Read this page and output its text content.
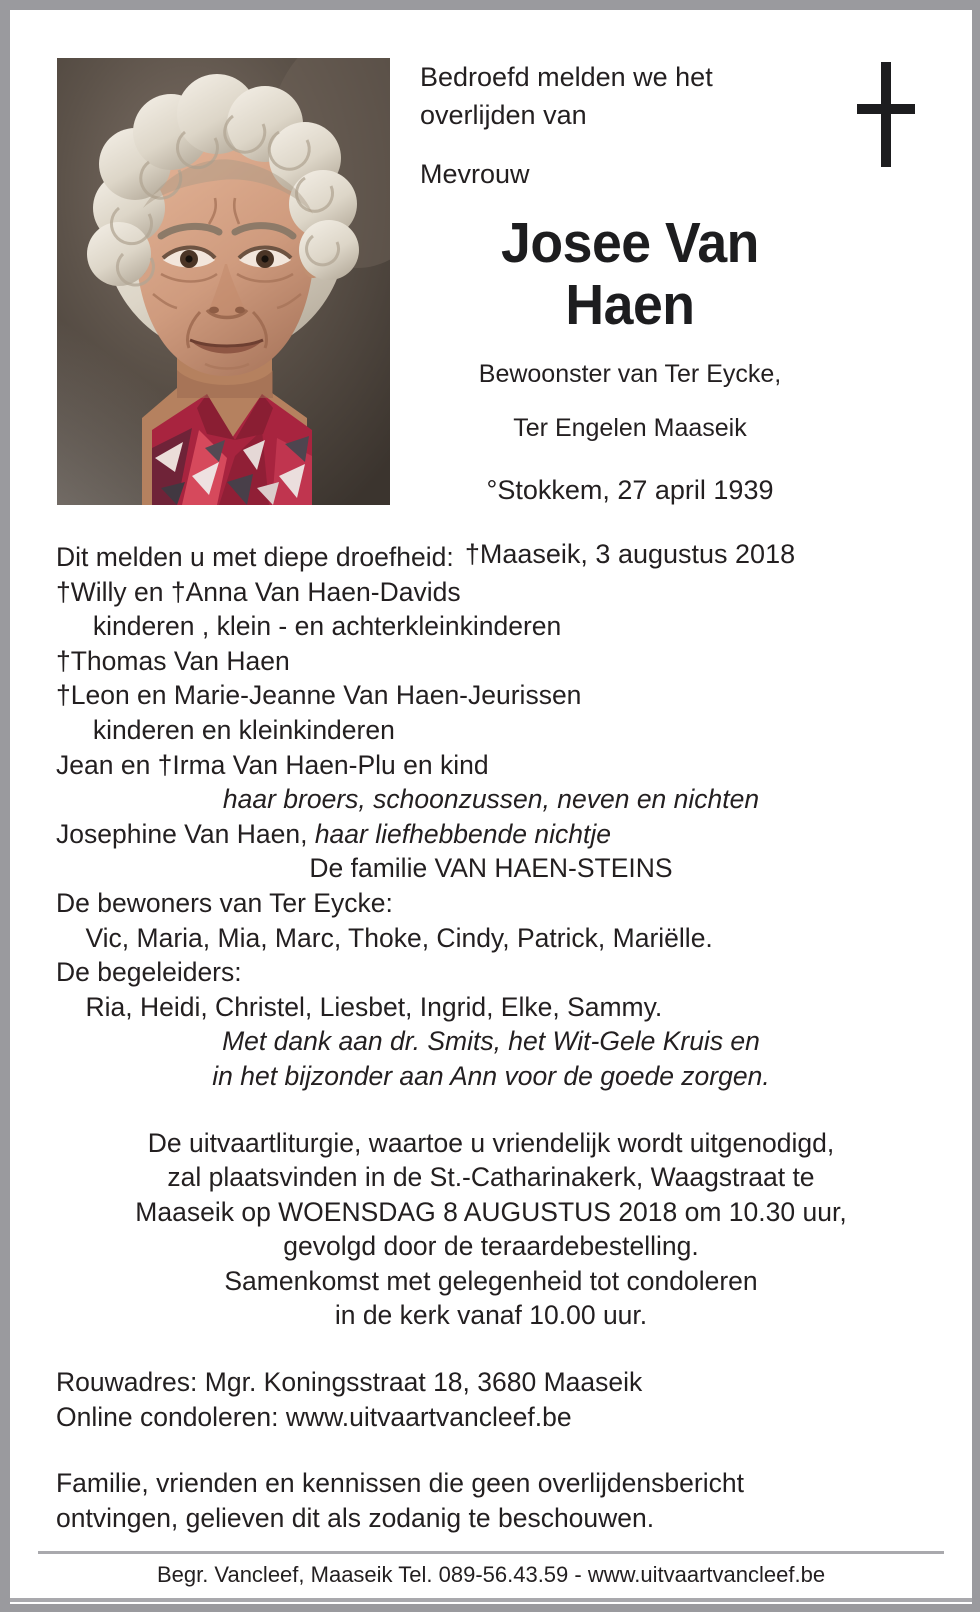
Bedroefd melden we het
overlijden van
Mevrouw
Josee Van Haen
Bewoonster van Ter Eycke,
Ter Engelen Maaseik
°Stokkem, 27 april 1939
†Maaseik, 3 augustus 2018
Dit melden u met diepe droefheid:
†Willy en †Anna Van Haen-Davids
kinderen , klein - en achterkleinkinderen
†Thomas Van Haen
†Leon en Marie-Jeanne Van Haen-Jeurissen
kinderen en kleinkinderen
Jean en †Irma Van Haen-Plu en kind
haar broers, schoonzussen, neven en nichten
Josephine Van Haen, haar liefhebbende nichtje
De familie VAN HAEN-STEINS
De bewoners van Ter Eycke:
Vic, Maria, Mia, Marc, Thoke, Cindy, Patrick, Mariëlle.
De begeleiders:
Ria, Heidi, Christel, Liesbet, Ingrid, Elke, Sammy.
Met dank aan dr. Smits, het Wit-Gele Kruis en
in het bijzonder aan Ann voor de goede zorgen.
De uitvaartliturgie, waartoe u vriendelijk wordt uitgenodigd,
zal plaatsvinden in de St.-Catharinakerk, Waagstraat te
Maaseik op WOENSDAG 8 AUGUSTUS 2018 om 10.30 uur,
gevolgd door de teraardebestelling.
Samenkomst met gelegenheid tot condoleren
in de kerk vanaf 10.00 uur.
Rouwadres: Mgr. Koningsstraat 18, 3680 Maaseik
Online condoleren: www.uitvaartvancleef.be
Familie, vrienden en kennissen die geen overlijdensbericht
ontvingen, gelieven dit als zodanig te beschouwen.
Begr. Vancleef, Maaseik Tel. 089-56.43.59 - www.uitvaartvancleef.be
